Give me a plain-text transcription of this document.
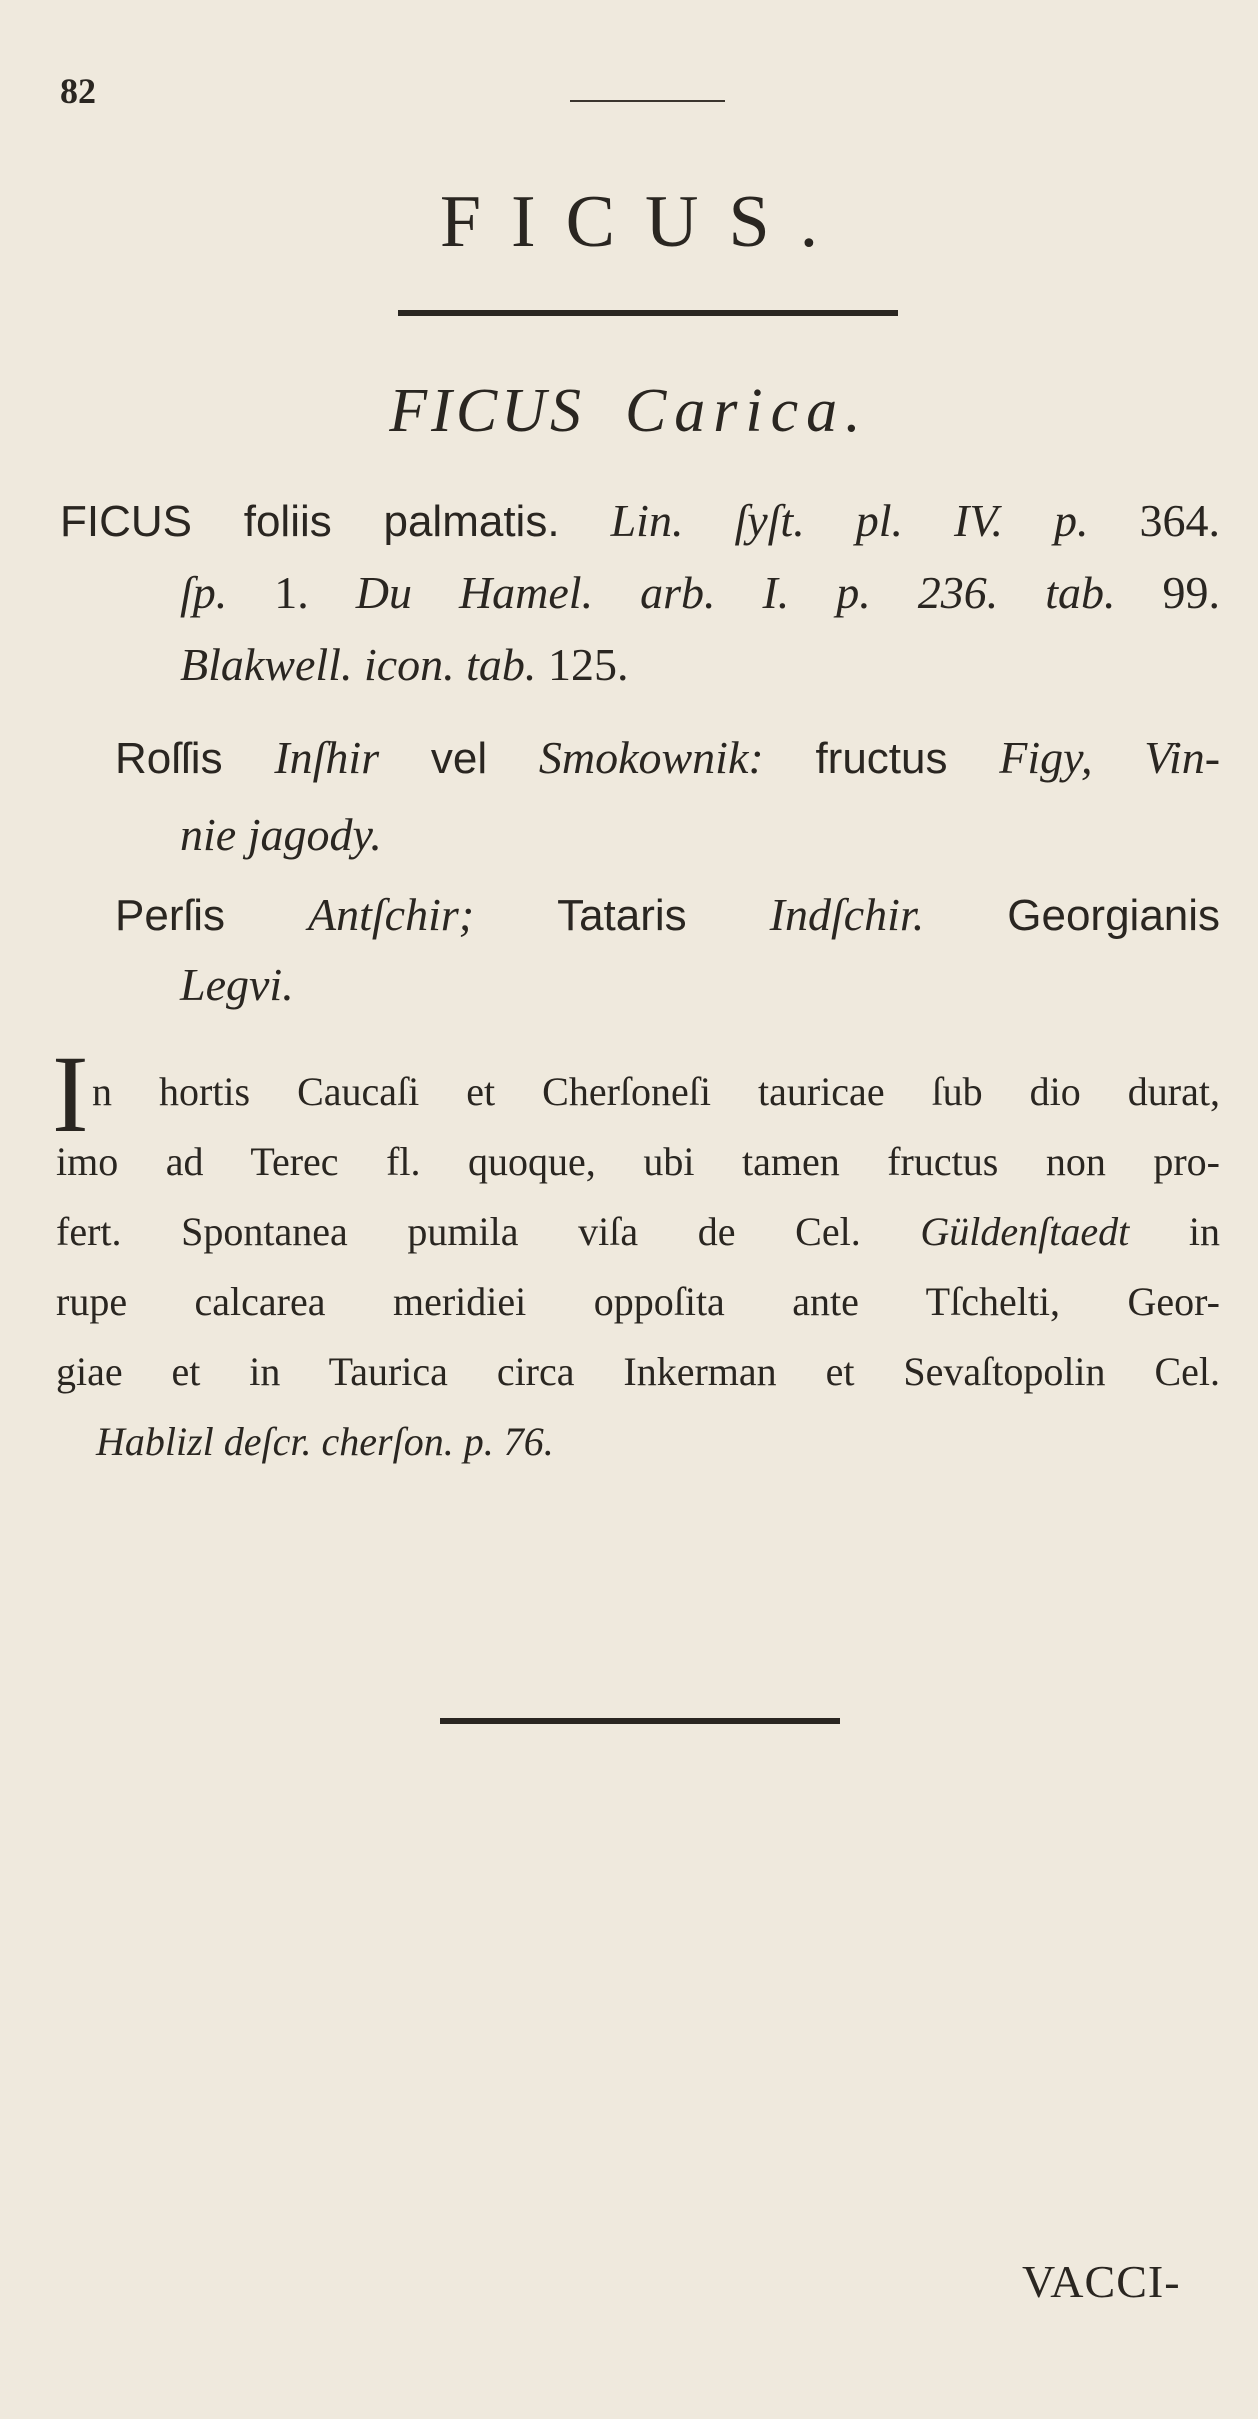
82
FICUS.
FICUS Carica.
FICUS foliis palmatis. Lin. ſyſt. pl. IV. p. 364.
ſp. 1. Du Hamel. arb. I. p. 236. tab. 99.
Blakwell. icon. tab. 125.
Roſſis Inſhir vel Smokownik: fructus Figy, Vin-
nie jagody.
Perſis Antſchir; Tataris Indſchir. Georgianis
Legvi.
I n hortis Caucaſi et Cherſoneſi tauricae ſub dio durat,
imo ad Terec fl. quoque, ubi tamen fructus non pro-
fert. Spontanea pumila viſa de Cel. Güldenſtaedt in
rupe calcarea meridiei oppoſita ante Tſchelti, Geor-
giae et in Taurica circa Inkerman et Sevaſtopolin Cel.
Hablizl deſcr. cherſon. p. 76.
VACCI-
